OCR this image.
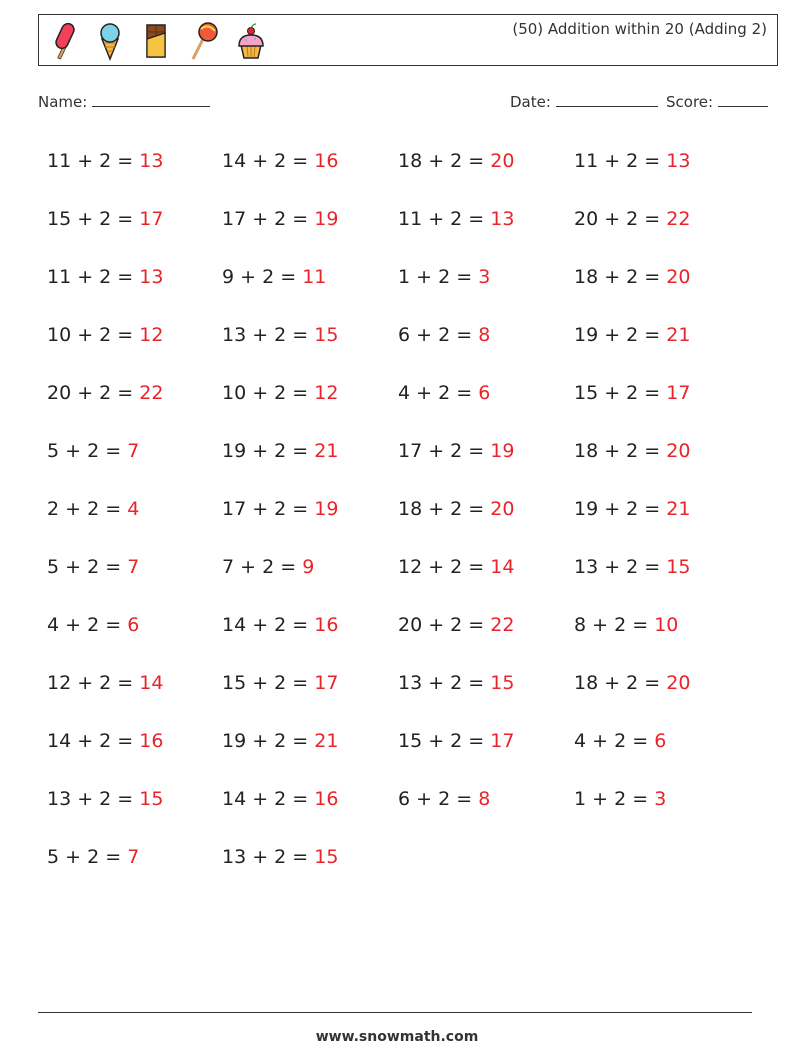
(50) Addition within 20 (Adding 2)
Name:	Date:	Score:
11 + 2 = 13
15 + 2 = 17
11 + 2 = 13
10 + 2 = 12
20 + 2 = 22
5 + 2 = 7
2 + 2 = 4
5 + 2 = 7
4 + 2 = 6
12 + 2 = 14
14 + 2 = 16
13 + 2 = 15
5 + 2 = 7
14 + 2 = 16
17 + 2 = 19
9 + 2 = 11
13 + 2 = 15
10 + 2 = 12
19 + 2 = 21
17 + 2 = 19
7 + 2 = 9
14 + 2 = 16
15 + 2 = 17
19 + 2 = 21
14 + 2 = 16
13 + 2 = 15
18 + 2 = 20
11 + 2 = 13
1 + 2 = 3
6 + 2 = 8
4 + 2 = 6
17 + 2 = 19
18 + 2 = 20
12 + 2 = 14
20 + 2 = 22
13 + 2 = 15
15 + 2 = 17
6 + 2 = 8
11 + 2 = 13
20 + 2 = 22
18 + 2 = 20
19 + 2 = 21
15 + 2 = 17
18 + 2 = 20
19 + 2 = 21
13 + 2 = 15
8 + 2 = 10
18 + 2 = 20
4 + 2 = 6
1 + 2 = 3
www.snowmath.com
